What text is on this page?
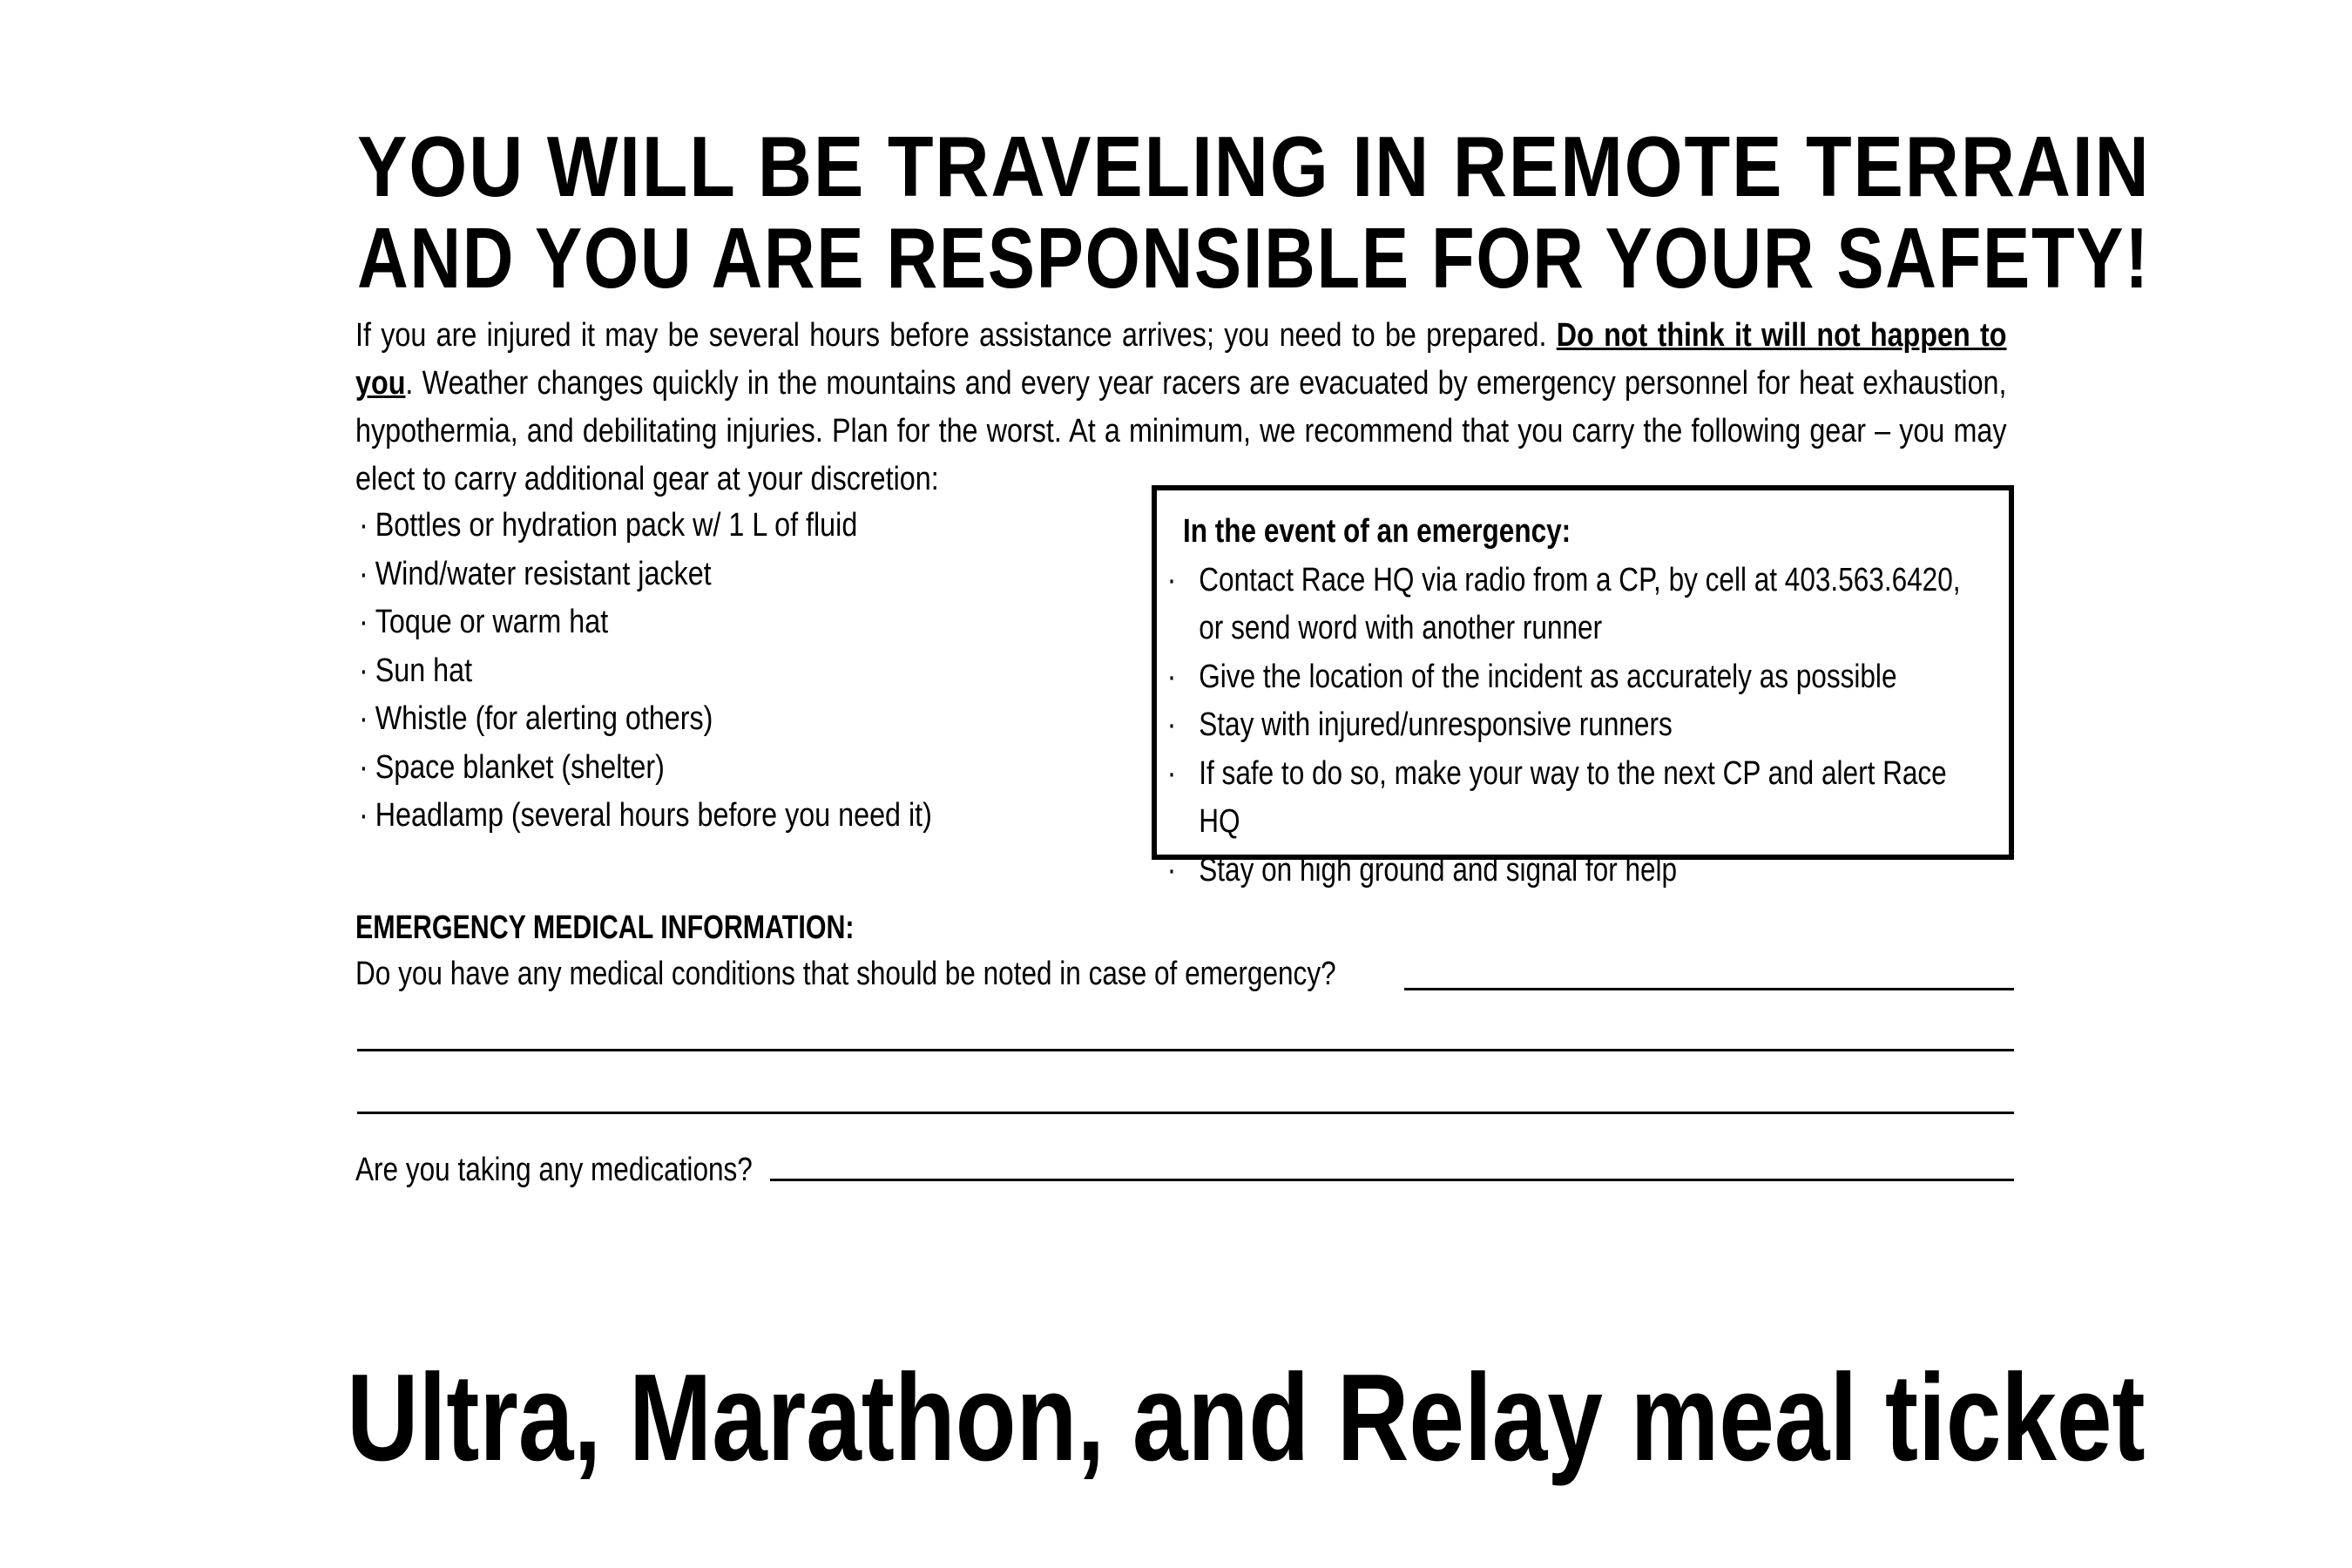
YOU WILL BE TRAVELING IN REMOTE TERRAIN
AND YOU ARE RESPONSIBLE FOR YOUR SAFETY!
If you are injured it may be several hours before assistance arrives; you need to be prepared. Do not think it will not happen to you. Weather changes quickly in the mountains and every year racers are evacuated by emergency personnel for heat exhaustion, hypothermia, and debilitating injuries. Plan for the worst. At a minimum, we recommend that you carry the following gear – you may elect to carry additional gear at your discretion:
· Bottles or hydration pack w/ 1 L of fluid
· Wind/water resistant jacket
· Toque or warm hat
· Sun hat
· Whistle (for alerting others)
· Space blanket (shelter)
· Headlamp (several hours before you need it)
In the event of an emergency:
· Contact Race HQ via radio from a CP, by cell at 403.563.6420, or send word with another runner
· Give the location of the incident as accurately as possible
· Stay with injured/unresponsive runners
· If safe to do so, make your way to the next CP and alert Race HQ
· Stay on high ground and signal for help
EMERGENCY MEDICAL INFORMATION:
Do you have any medical conditions that should be noted in case of emergency?
Are you taking any medications?
Ultra, Marathon, and Relay meal ticket
